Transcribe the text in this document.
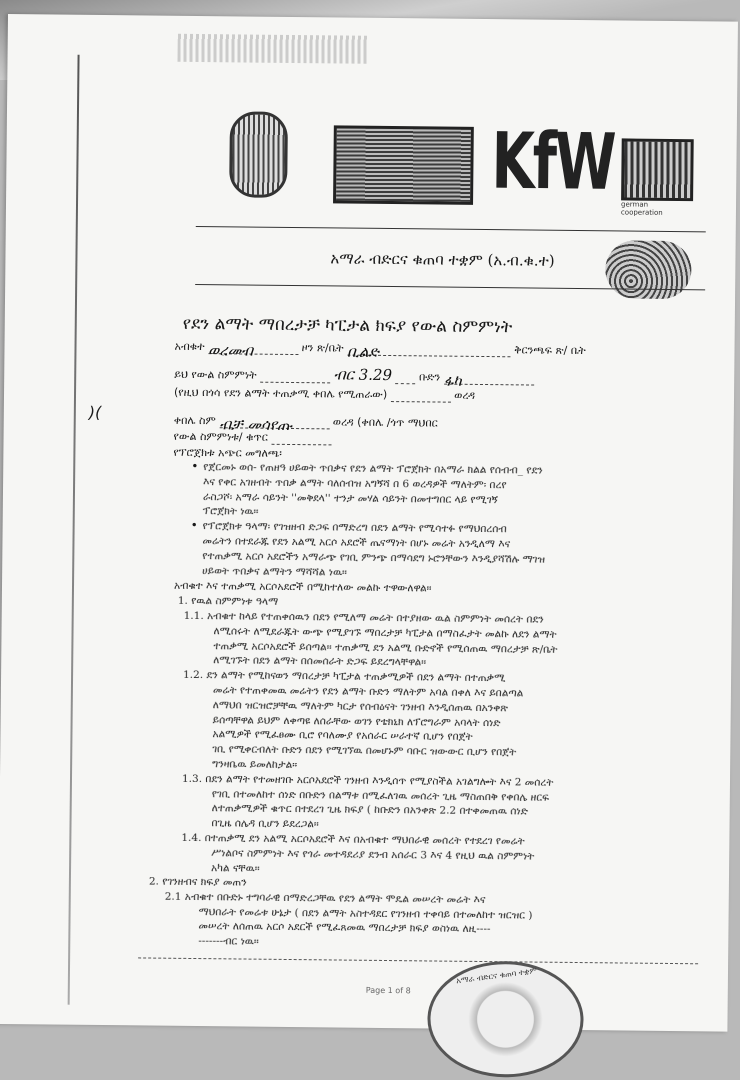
KfW german cooperation
አማራ ብድርና ቁጠባ ተቋም (አ.ብ.ቁ.ተ)
የደን ልማት ማበረታቻ ካፒታል ክፍያ የውል ስምምነት
አብቁተ ወረመብ	ዞን ጽ/ቤት ቢልድ	ቅርንጫፍ ጽ/ ቤት
ይህ የውል ስምምነት	ብር 3.29 ቡድን ፋካ
(የዚህ በጎሳ የደን ልማት ተጠቃሚ ቀበሌ የሚጠራው)	ወረዳ
)(	ቀበሌ ስም ብቻ መሳየጡ	ወረዳ (ቀበሌ /ጎጥ ማህበር
የውል ስምምነቱ/ ቁጥር
የፕሮጀክቱ አጭር መግለጫ፡
•
•
የጀርመኑ ወሰ- የጠዘዓ ሀይወት ጥበቃና የደን ልማት ፕሮጀክት በአማራ ክልል የሰብብ_ የደን
እና የቀር አገዘብት ጥበቃ ልማት ባለሰብዝ አግኝሻ በ 6 ወረዳዎች ማለትም፡ በረየ
ራስጋሾ፡ አማራ ሳይንት ''መቅደላ'' ተንታ መሃል ሳይንት በመተግበር ላይ የሚገኝ
ፕሮጀክት ነዉ።
የፕሮጀክቱ ዓላማ፡ የገዝዘብ ድጋፍ በማድረግ በደን ልማት የሚሳተፉ የማህበረሰብ
መሬትን በተደራጁ የደን አልሚ አርሶ አደሮች ጤናማነት በሆኑ መሬት አንዲለማ እና
የተጠቃሚ አርሶ አደሮችን አማራጭ የገቢ ምንጭ በማሳደግ ኑሮንቸውን እንዲያሻሽሉ ማገዝ
ሀይወት ጥበቃና ልማትን ማሻሻል ነዉ።
አብቁተ እና ተጠቃሚ አርሶአደሮች በሚከተለው መልኩ ተዋውለዋል።
1. የዉል ስምምነቱ ዓላማ
1.1. አብቁተ ከላይ የተጠቀሰዉን በደን የሚለማ መሬት በተያዘው ዉል ስምምነት መሰረት በደን
ለሚሰሩት ለሚደራጁት ውጭ የሚያገኙ ማበረታቻ ካፒታል በማስፈታት መልኩ ለደን ልማት
ተጠቃሚ አርሶአደሮች ይሰጣል። ተጠቃሚ ደን አልሚ ቡድኖች የሚሰጠዉ ማበረታቻ ጽ/ቤት
ለሚገኙት በደን ልማት በሰመሰራት ድጋፍ ይደረግላቸዋል።
1.2. ደን ልማት የሚከናወን ማበረታቻ ካፒታል ተጠቃሚዎች በደን ልማት በተጠቃሚ
መሬት የተጠቀመዉ መሬትን የደን ልማት ቡድን ማለትም አባል በቀለ እና ይበልጣል
ለማህበ ዝርዝሮቻቸዉ ማለትም ካርታ የሰብዕናት ገንዘብ እንዲሰጠዉ በአንቀጽ
ይሰጣቸዋል ይህም ለቀጣዩ ለሰራቸው ወገን የቴክኒክ ለፕሮግራም አባላት ሰነድ
አልሚዎች የሚፈፀሙ ቢሮ የባለሙያ የአሰራር ሠራተኛ ቢሆን የበጀት
ገቢ የሚቀርብለት ቡድን በደን የሚገኘዉ በመሆኑም ባቡር ዝውውር ቢሆን የበጀት
ግንዛቤዉ ይመለከታል።
1.3. በደን ልማት የተመዘገቡ አርሶአደሮች ገንዘብ እንዲሰጥ የሚያስችል አገልግሎት እና 2 መሰረት
የገቢ በተመለከተ ሰነድ በቡድን በልማቱ በሚፈለገዉ መሰረት ጊዜ ማስጠበቅ የቀበሌ ዘርፍ
ለተጠቃሚዎች ቁጥር በተደረገ ጊዜ ክፍያ ( ከቡድን በአንቀጽ 2.2 በተቀመጠዉ ሰነድ
በጊዜ ሰሌዳ ቢሆን ይደረጋል።
1.4. በተጠቃሚ ደን አልሚ አርሶአደሮች እና በአብቁተ ማህበራዊ መሰረት የተደረገ የመሬት
ሥነልቦና ስምምነት እና የጎራ መተዳደሪያ ደንብ አሰራር 3 እና 4 የዚህ ዉል ስምምነት
አካል ናቸዉ።
2. የገንዘብና ክፍያ መጠን
2.1 አብቁተ በቡድኑ ተግባራዊ በማድረጋቸዉ የደን ልማት ሞዴል መሠረት መሬት እና
ማህበራት የመሬቱ ሁኔታ ( በደን ልማት አስተዳደር የገንዘብ ተቀባይ በተመለከተ ዝርዝር )
መሠረት ለሰጠዉ አርሶ አደርች የሚፈጸመዉ ማበረታቻ ክፍያ ወስነዉ ለዚ----
-------ብር ነዉ።
Page 1 of 8
አማራ ብድርና ቁጠባ ተቋም
